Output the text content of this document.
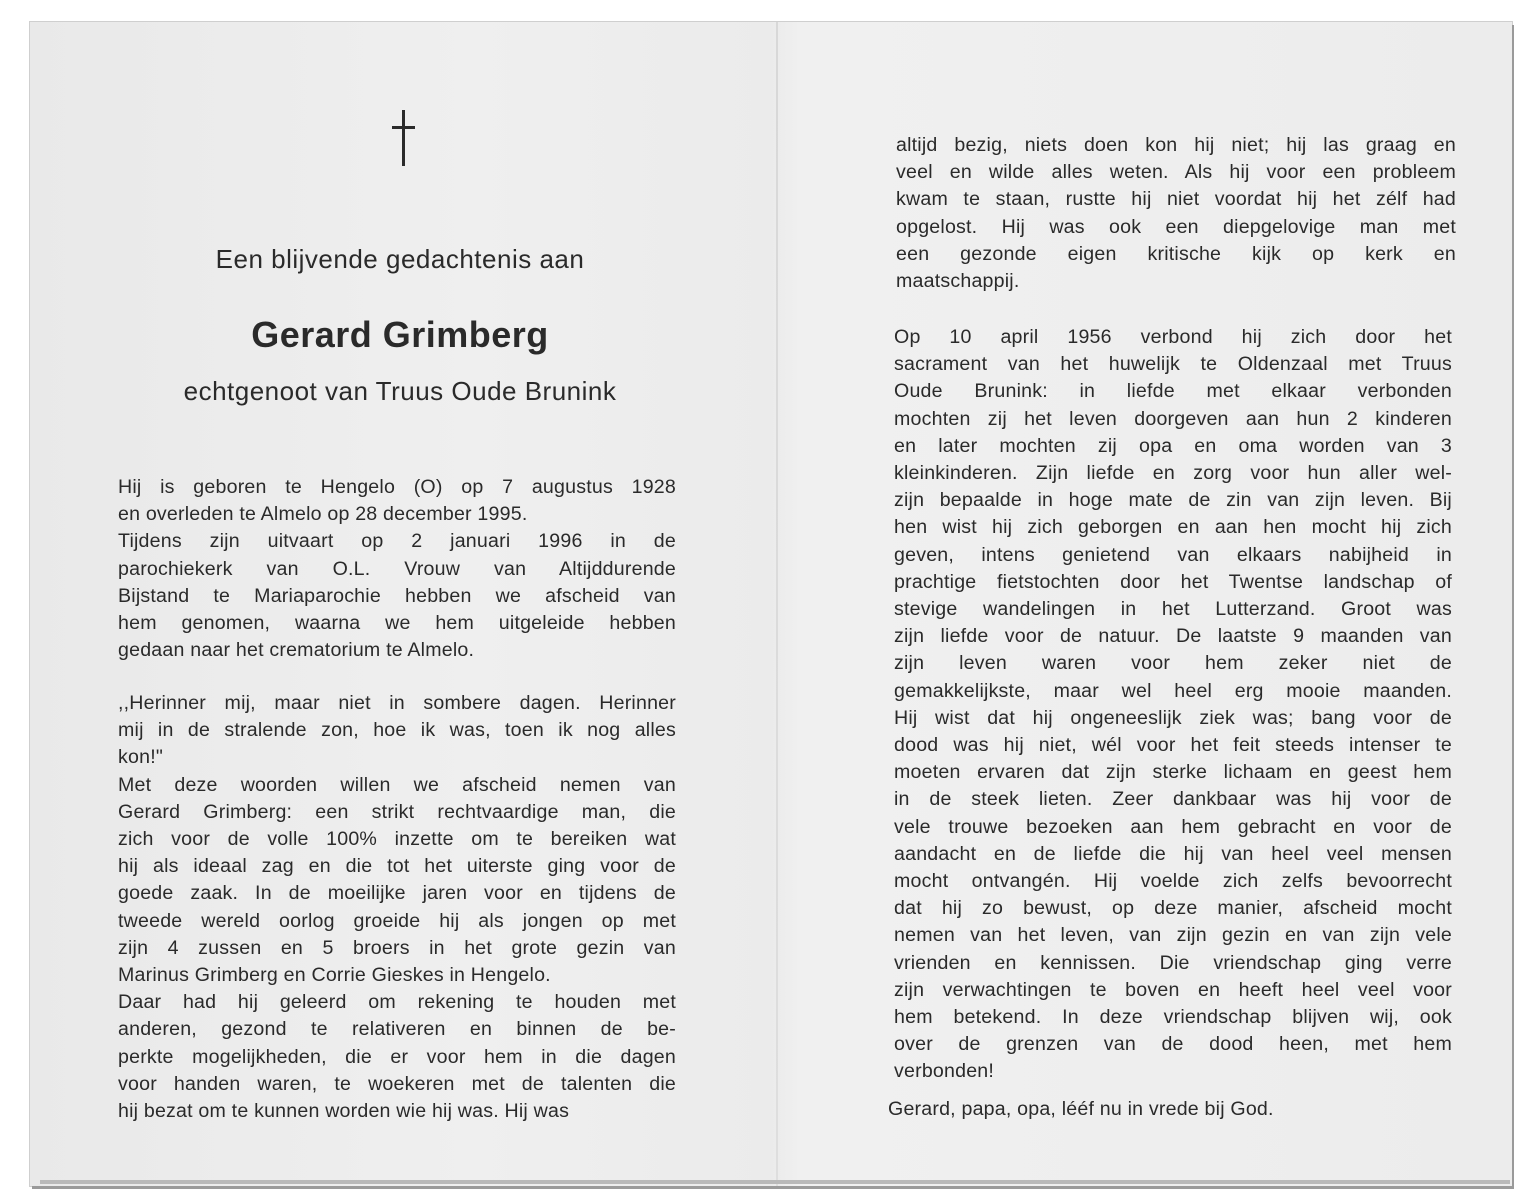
Een blijvende gedachtenis aan
Gerard Grimberg
echtgenoot van Truus Oude Brunink
Hij is geboren te Hengelo (O) op 7 augustus 1928
en overleden te Almelo op 28 december 1995.
Tijdens zijn uitvaart op 2 januari 1996 in de
parochiekerk van O.L. Vrouw van Altijddurende
Bijstand te Mariaparochie hebben we afscheid van
hem genomen, waarna we hem uitgeleide hebben
gedaan naar het crematorium te Almelo.
,,Herinner mij, maar niet in sombere dagen. Herinner
mij in de stralende zon, hoe ik was, toen ik nog alles
kon!"
Met deze woorden willen we afscheid nemen van
Gerard Grimberg: een strikt rechtvaardige man, die
zich voor de volle 100% inzette om te bereiken wat
hij als ideaal zag en die tot het uiterste ging voor de
goede zaak. In de moeilijke jaren voor en tijdens de
tweede wereld oorlog groeide hij als jongen op met
zijn 4 zussen en 5 broers in het grote gezin van
Marinus Grimberg en Corrie Gieskes in Hengelo.
Daar had hij geleerd om rekening te houden met
anderen, gezond te relativeren en binnen de be-
perkte mogelijkheden, die er voor hem in die dagen
voor handen waren, te woekeren met de talenten die
hij bezat om te kunnen worden wie hij was. Hij was
altijd bezig, niets doen kon hij niet; hij las graag en
veel en wilde alles weten. Als hij voor een probleem
kwam te staan, rustte hij niet voordat hij het zélf had
opgelost. Hij was ook een diepgelovige man met
een gezonde eigen kritische kijk op kerk en
maatschappij.
Op 10 april 1956 verbond hij zich door het
sacrament van het huwelijk te Oldenzaal met Truus
Oude Brunink: in liefde met elkaar verbonden
mochten zij het leven doorgeven aan hun 2 kinderen
en later mochten zij opa en oma worden van 3
kleinkinderen. Zijn liefde en zorg voor hun aller wel-
zijn bepaalde in hoge mate de zin van zijn leven. Bij
hen wist hij zich geborgen en aan hen mocht hij zich
geven, intens genietend van elkaars nabijheid in
prachtige fietstochten door het Twentse landschap of
stevige wandelingen in het Lutterzand. Groot was
zijn liefde voor de natuur. De laatste 9 maanden van
zijn leven waren voor hem zeker niet de
gemakkelijkste, maar wel heel erg mooie maanden.
Hij wist dat hij ongeneeslijk ziek was; bang voor de
dood was hij niet, wél voor het feit steeds intenser te
moeten ervaren dat zijn sterke lichaam en geest hem
in de steek lieten. Zeer dankbaar was hij voor de
vele trouwe bezoeken aan hem gebracht en voor de
aandacht en de liefde die hij van heel veel mensen
mocht ontvangén. Hij voelde zich zelfs bevoorrecht
dat hij zo bewust, op deze manier, afscheid mocht
nemen van het leven, van zijn gezin en van zijn vele
vrienden en kennissen. Die vriendschap ging verre
zijn verwachtingen te boven en heeft heel veel voor
hem betekend. In deze vriendschap blijven wij, ook
over de grenzen van de dood heen, met hem
verbonden!
Gerard, papa, opa, lééf nu in vrede bij God.
